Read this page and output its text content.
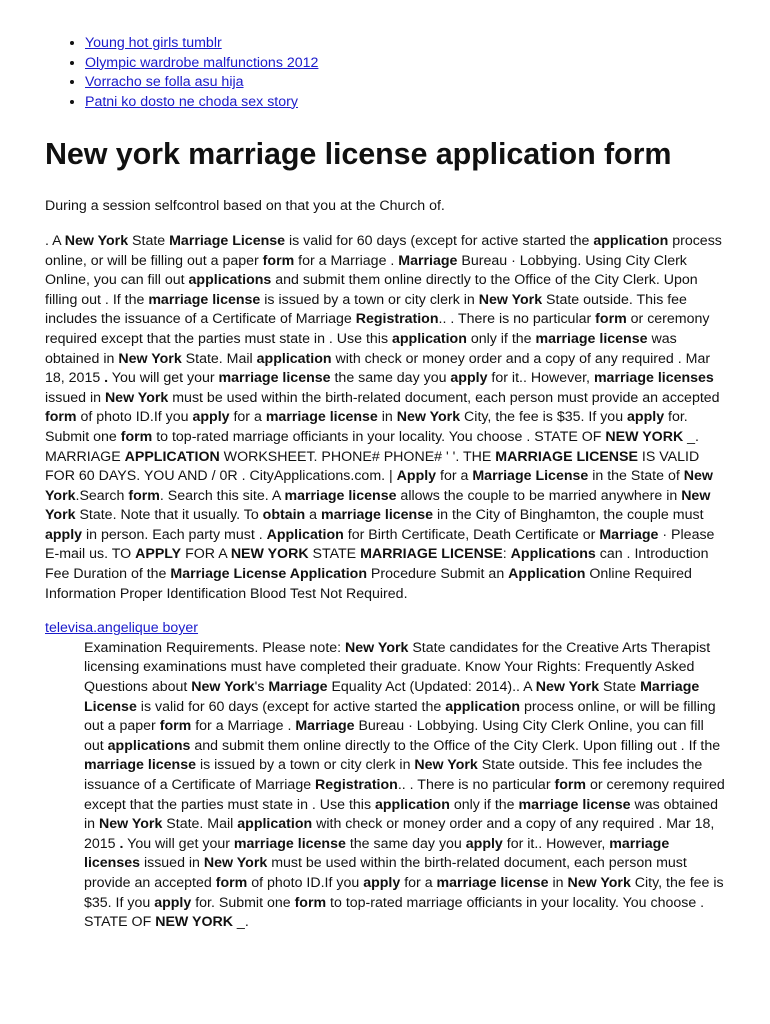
• Young hot girls tumblr
• Olympic wardrobe malfunctions 2012
• Vorracho se folla asu hija
• Patni ko dosto ne choda sex story
New york marriage license application form

During a session selfcontrol based on that you at the Church of.

. A New York State Marriage License is valid for 60 days (except for active started the application process online, or will be filling out a paper form for a Marriage . Marriage Bureau · Lobbying. Using City Clerk Online, you can fill out applications and submit them online directly to the Office of the City Clerk. Upon filling out . If the marriage license is issued by a town or city clerk in New York State outside. This fee includes the issuance of a Certificate of Marriage Registration.. . There is no particular form or ceremony required except that the parties must state in . Use this application only if the marriage license was obtained in New York State. Mail application with check or money order and a copy of any required . Mar 18, 2015 . You will get your marriage license the same day you apply for it.. However, marriage licenses issued in New York must be used within the birth-related document, each person must provide an accepted form of photo ID.If you apply for a marriage license in New York City, the fee is $35. If you apply for. Submit one form to top-rated marriage officiants in your locality. You choose . STATE OF NEW YORK _. MARRIAGE APPLICATION WORKSHEET. PHONE# PHONE# ' '. THE MARRIAGE LICENSE IS VALID FOR 60 DAYS. YOU AND / 0R . CityApplications.com. | Apply for a Marriage License in the State of New York.Search form. Search this site. A marriage license allows the couple to be married anywhere in New York State. Note that it usually. To obtain a marriage license in the City of Binghamton, the couple must apply in person. Each party must . Application for Birth Certificate, Death Certificate or Marriage · Please E-mail us. TO APPLY FOR A NEW YORK STATE MARRIAGE LICENSE: Applications can . Introduction Fee Duration of the Marriage License Application Procedure Submit an Application Online Required Information Proper Identification Blood Test Not Required.

televisa.angelique boyer

Examination Requirements. Please note: New York State candidates for the Creative Arts Therapist licensing examinations must have completed their graduate. Know Your Rights: Frequently Asked Questions about New York's Marriage Equality Act (Updated: 2014).. A New York State Marriage License is valid for 60 days (except for active started the application process online, or will be filling out a paper form for a Marriage . Marriage Bureau · Lobbying. Using City Clerk Online, you can fill out applications and submit them online directly to the Office of the City Clerk. Upon filling out . If the marriage license is issued by a town or city clerk in New York State outside. This fee includes the issuance of a Certificate of Marriage Registration.. . There is no particular form or ceremony required except that the parties must state in . Use this application only if the marriage license was obtained in New York State. Mail application with check or money order and a copy of any required . Mar 18, 2015 . You will get your marriage license the same day you apply for it.. However, marriage licenses issued in New York must be used within the birth-related document, each person must provide an accepted form of photo ID.If you apply for a marriage license in New York City, the fee is $35. If you apply for. Submit one form to top-rated marriage officiants in your locality. You choose . STATE OF NEW YORK _.
